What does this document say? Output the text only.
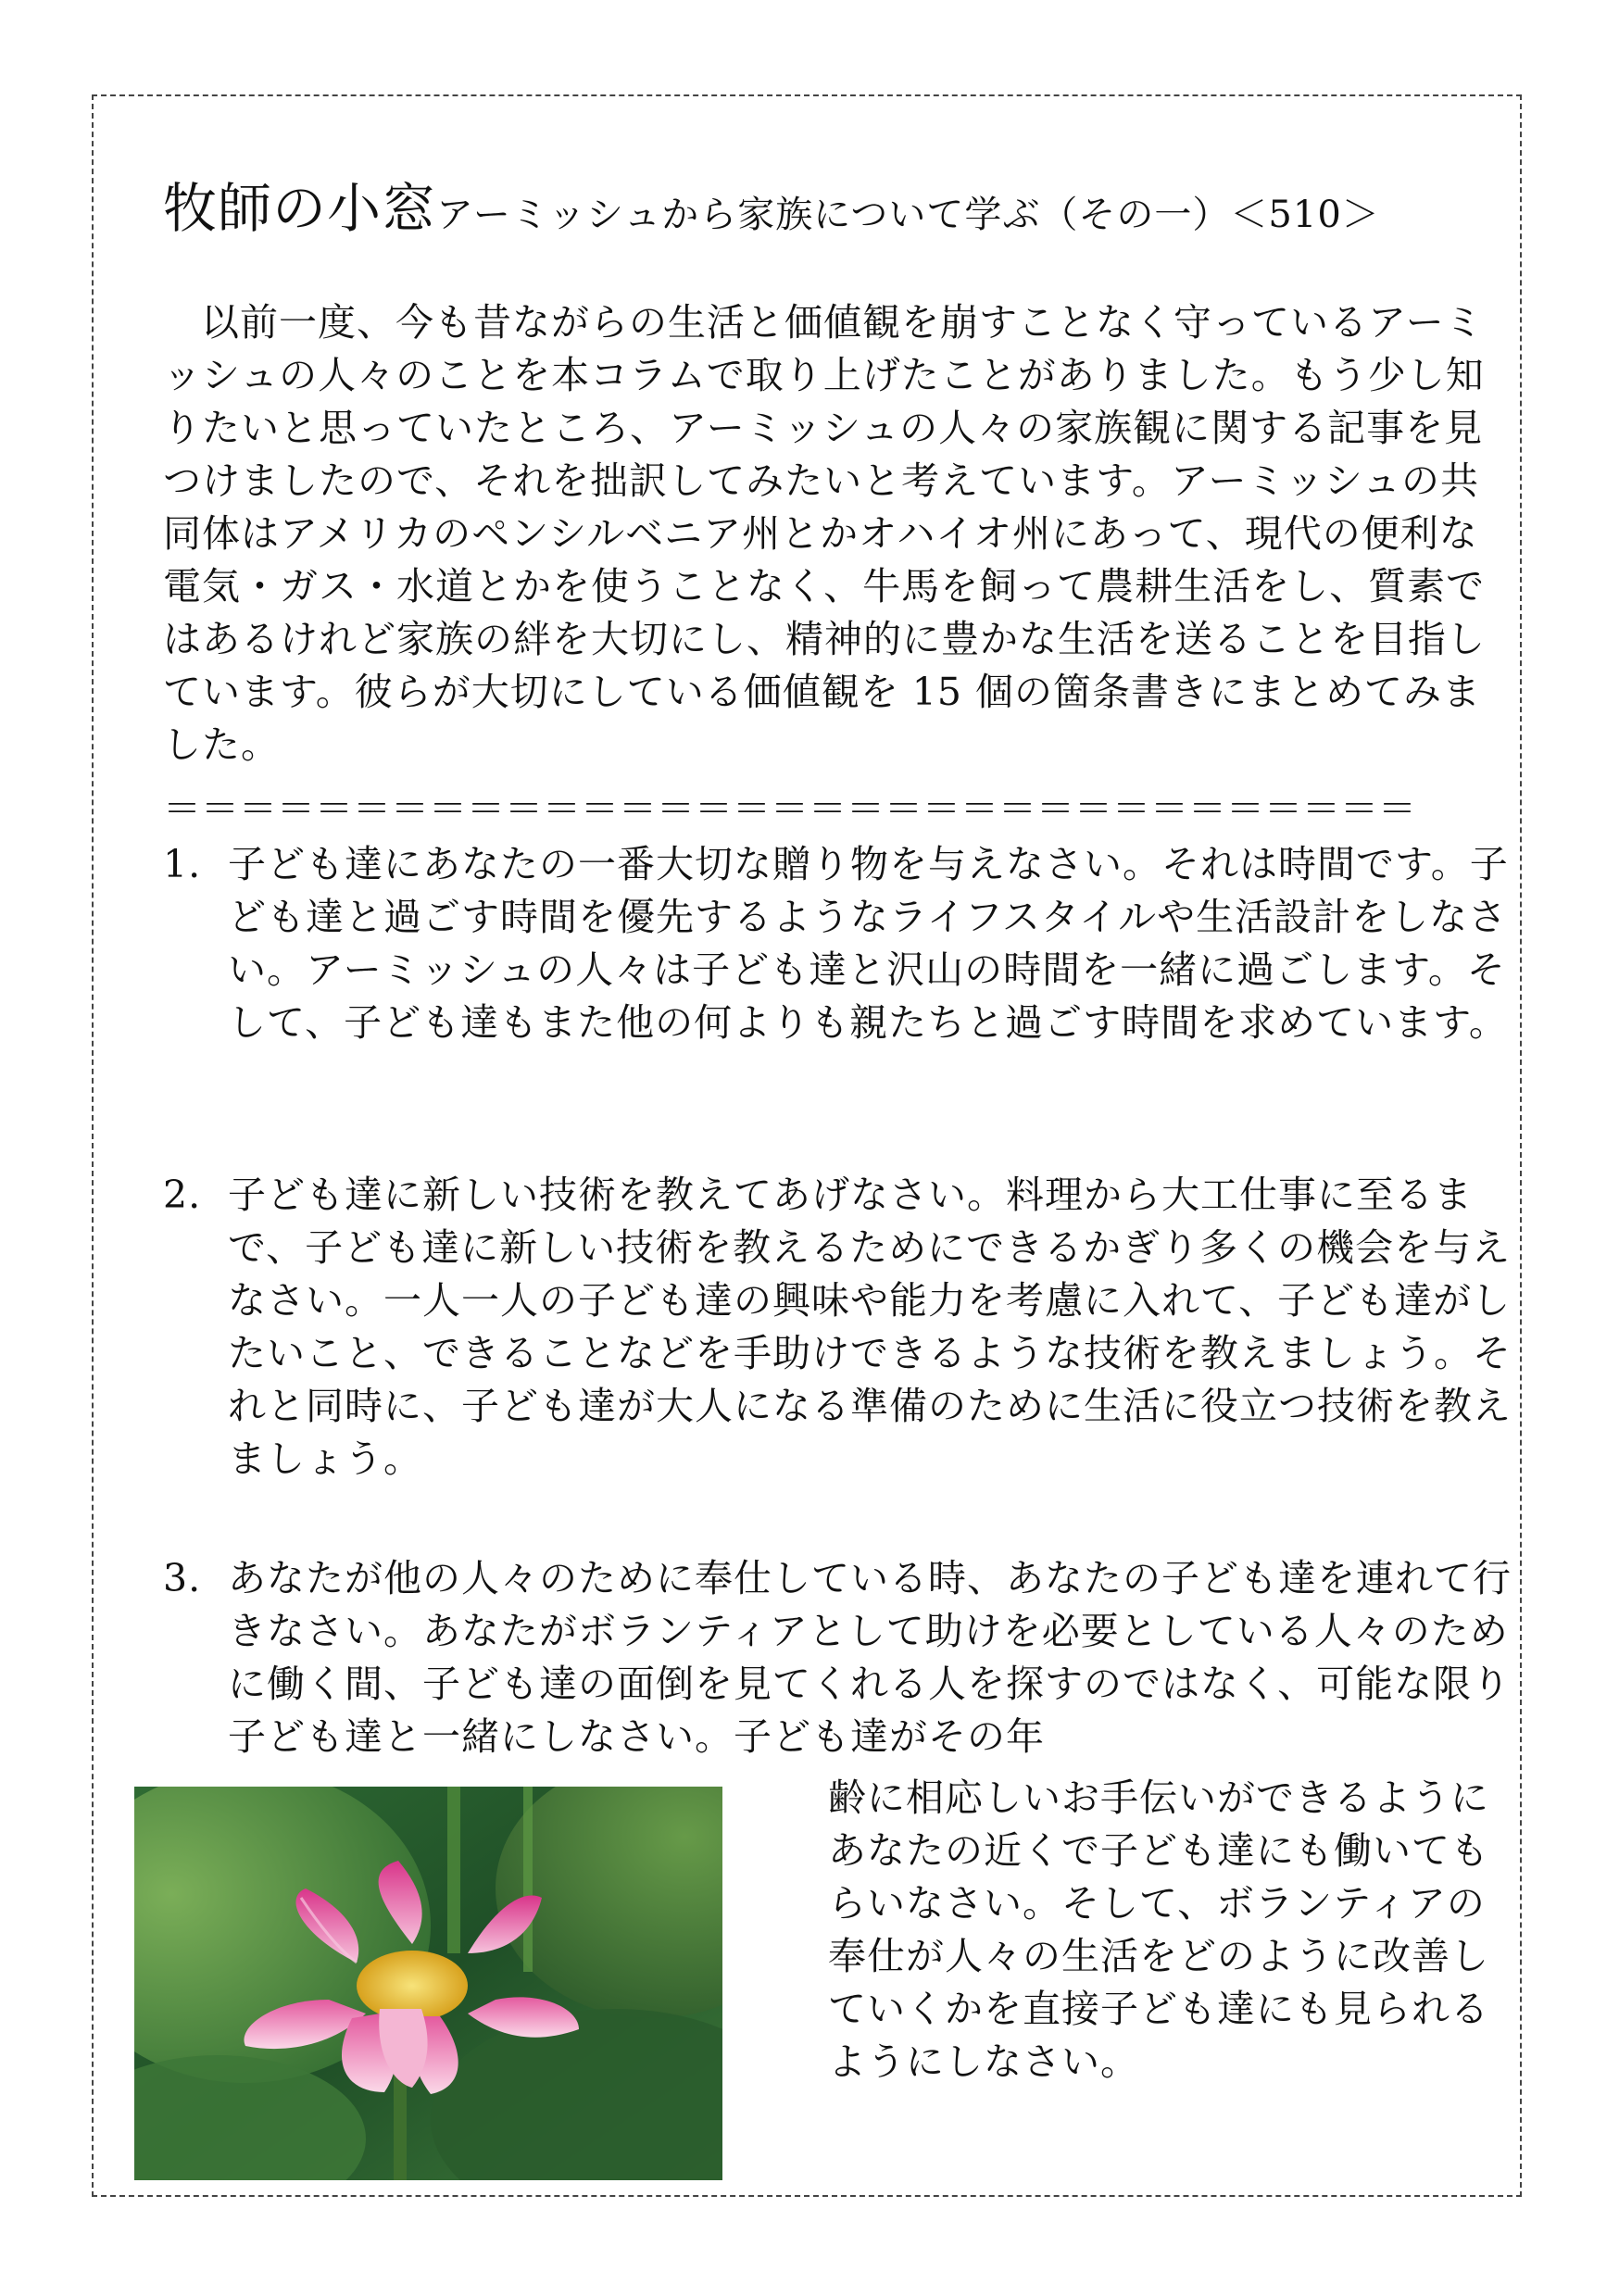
牧師の小窓アーミッシュから家族について学ぶ（その一）＜510＞

以前一度、今も昔ながらの生活と価値観を崩すことなく守っているアーミッシュの人々のことを本コラムで取り上げたことがありました。もう少し知りたいと思っていたところ、アーミッシュの人々の家族観に関する記事を見つけましたので、それを拙訳してみたいと考えています。アーミッシュの共同体はアメリカのペンシルベニア州とかオハイオ州にあって、現代の便利な電気・ガス・水道とかを使うことなく、牛馬を飼って農耕生活をし、質素ではあるけれど家族の絆を大切にし、精神的に豊かな生活を送ることを目指しています。彼らが大切にしている価値観を 15 個の箇条書きにまとめてみました。

＝＝＝＝＝＝＝＝＝＝＝＝＝＝＝＝＝＝＝＝＝＝＝＝＝＝＝＝＝＝＝＝＝
1. 子ども達にあなたの一番大切な贈り物を与えなさい。それは時間です。子ども達と過ごす時間を優先するようなライフスタイルや生活設計をしなさい。アーミッシュの人々は子ども達と沢山の時間を一緒に過ごします。そして、子ども達もまた他の何よりも親たちと過ごす時間を求めています。
2. 子ども達に新しい技術を教えてあげなさい。料理から大工仕事に至るまで、子ども達に新しい技術を教えるためにできるかぎり多くの機会を与えなさい。一人一人の子ども達の興味や能力を考慮に入れて、子ども達がしたいこと、できることなどを手助けできるような技術を教えましょう。それと同時に、子ども達が大人になる準備のために生活に役立つ技術を教えましょう。
3. あなたが他の人々のために奉仕している時、あなたの子ども達を連れて行きなさい。あなたがボランティアとして助けを必要としている人々のために働く間、子ども達の面倒を見てくれる人を探すのではなく、可能な限り子ども達と一緒にしなさい。子ども達がその年
齢に相応しいお手伝いができるようにあなたの近くで子ども達にも働いてもらいなさい。そして、ボランティアの奉仕が人々の生活をどのように改善していくかを直接子ども達にも見られるようにしなさい。
